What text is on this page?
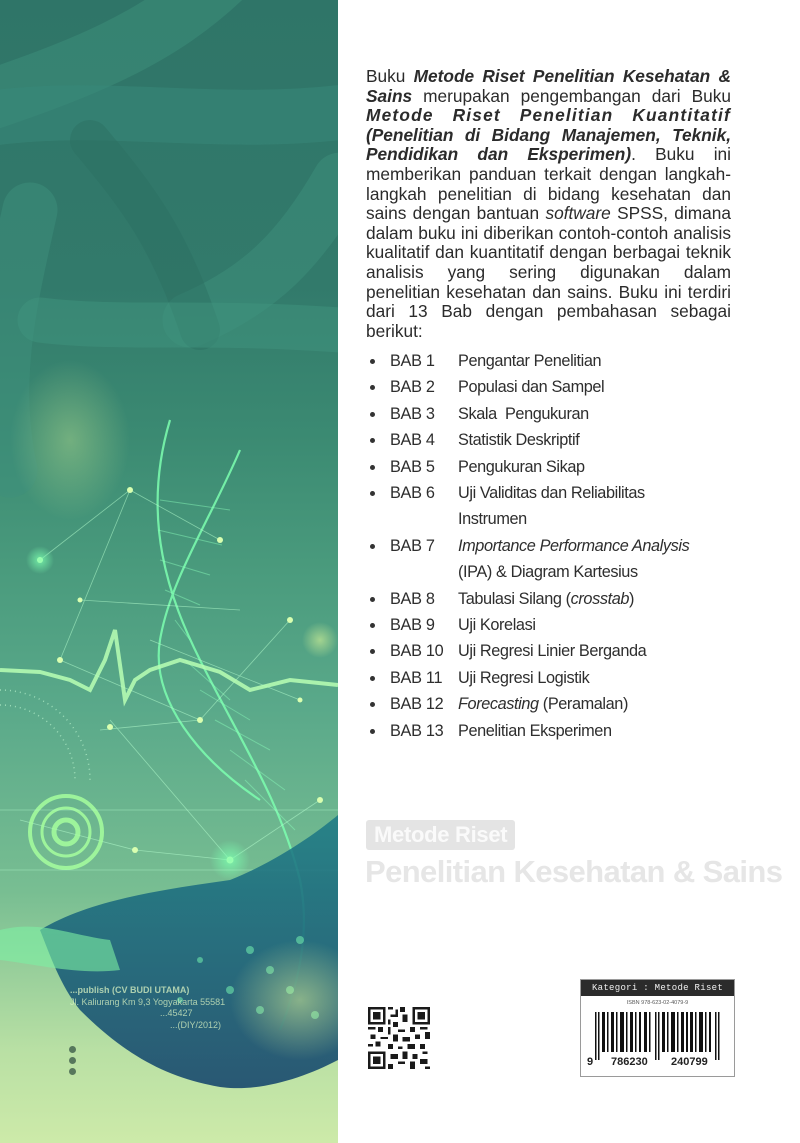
...publish (CV BUDI UTAMA)
Jl. Kaliurang Km 9,3 Yogyakarta 55581
...45427
...(DIY/2012)
Buku Metode Riset Penelitian Kesehatan & Sains merupakan pengembangan dari Buku Metode Riset Penelitian Kuantitatif (Penelitian di Bidang Manajemen, Teknik, Pendidikan dan Eksperimen). Buku ini memberikan panduan terkait dengan langkah-langkah penelitian di bidang kesehatan dan sains dengan bantuan software SPSS, dimana dalam buku ini diberikan contoh-contoh analisis kualitatif dan kuantitatif dengan berbagai teknik analisis yang sering digunakan dalam penelitian kesehatan dan sains. Buku ini terdiri dari 13 Bab dengan pembahasan sebagai berikut:
BAB 1	Pengantar Penelitian
BAB 2	Populasi dan Sampel
BAB 3	Skala  Pengukuran
BAB 4	Statistik Deskriptif
BAB 5	Pengukuran Sikap
BAB 6	Uji Validitas dan Reliabilitas
Instrumen
BAB 7	Importance Performance Analysis
(IPA) & Diagram Kartesius
BAB 8	Tabulasi Silang (crosstab)
BAB 9	Uji Korelasi
BAB 10 Uji Regresi Linier Berganda
BAB 11 Uji Regresi Logistik
BAB 12 Forecasting (Peramalan)
BAB 13 Penelitian Eksperimen
Metode Riset
Penelitian Kesehatan & Sains
Kategori : Metode Riset
ISBN 978-623-02-4079-9
9 786230 240799
